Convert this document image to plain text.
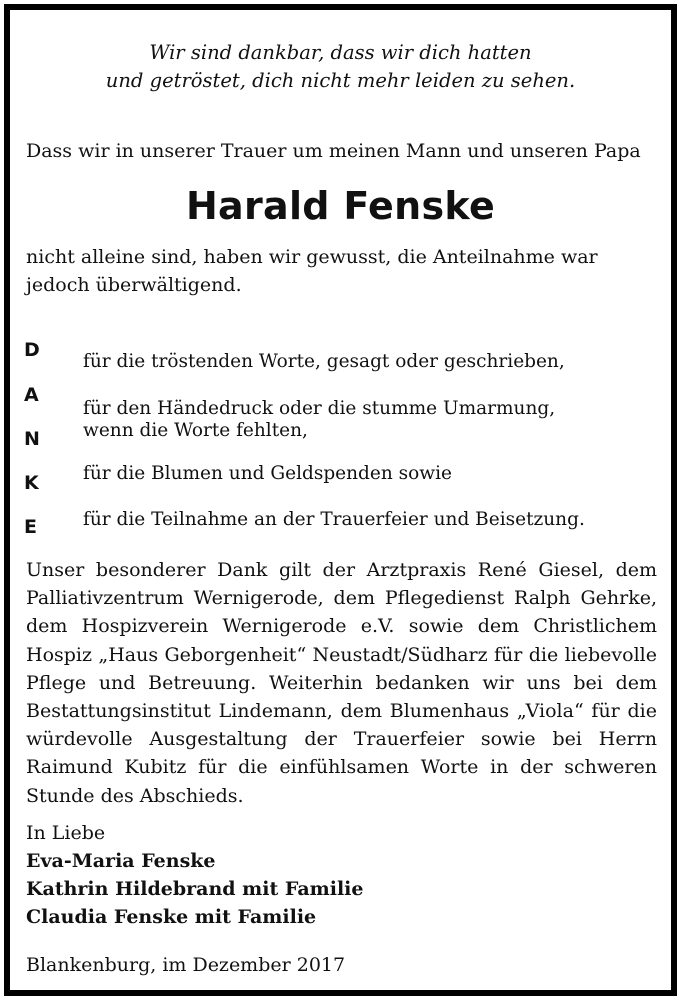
Wir sind dankbar, dass wir dich hatten
und getröstet, dich nicht mehr leiden zu sehen.
Dass wir in unserer Trauer um meinen Mann und unseren Papa
Harald Fenske
nicht alleine sind, haben wir gewusst, die Anteilnahme war jedoch überwältigend.
D
A
N
K
E
für die tröstenden Worte, gesagt oder geschrieben,
für den Händedruck oder die stumme Umarmung,
wenn die Worte fehlten,
für die Blumen und Geldspenden sowie
für die Teilnahme an der Trauerfeier und Beisetzung.
Unser besonderer Dank gilt der Arztpraxis René Giesel, dem Palliativzentrum Wernigerode, dem Pflegedienst Ralph Gehrke, dem Hospizverein Wernigerode e.V. sowie dem Christlichem Hospiz „Haus Geborgenheit“ Neustadt/Südharz für die liebevolle Pflege und Betreuung. Weiterhin bedanken wir uns bei dem Bestattungsinstitut Lindemann, dem Blumenhaus „Viola“ für die würdevolle Ausgestaltung der Trauerfeier sowie bei Herrn Raimund Kubitz für die einfühlsamen Worte in der schweren Stunde des Abschieds.
In Liebe
Eva-Maria Fenske
Kathrin Hildebrand mit Familie
Claudia Fenske mit Familie
Blankenburg, im Dezember 2017
